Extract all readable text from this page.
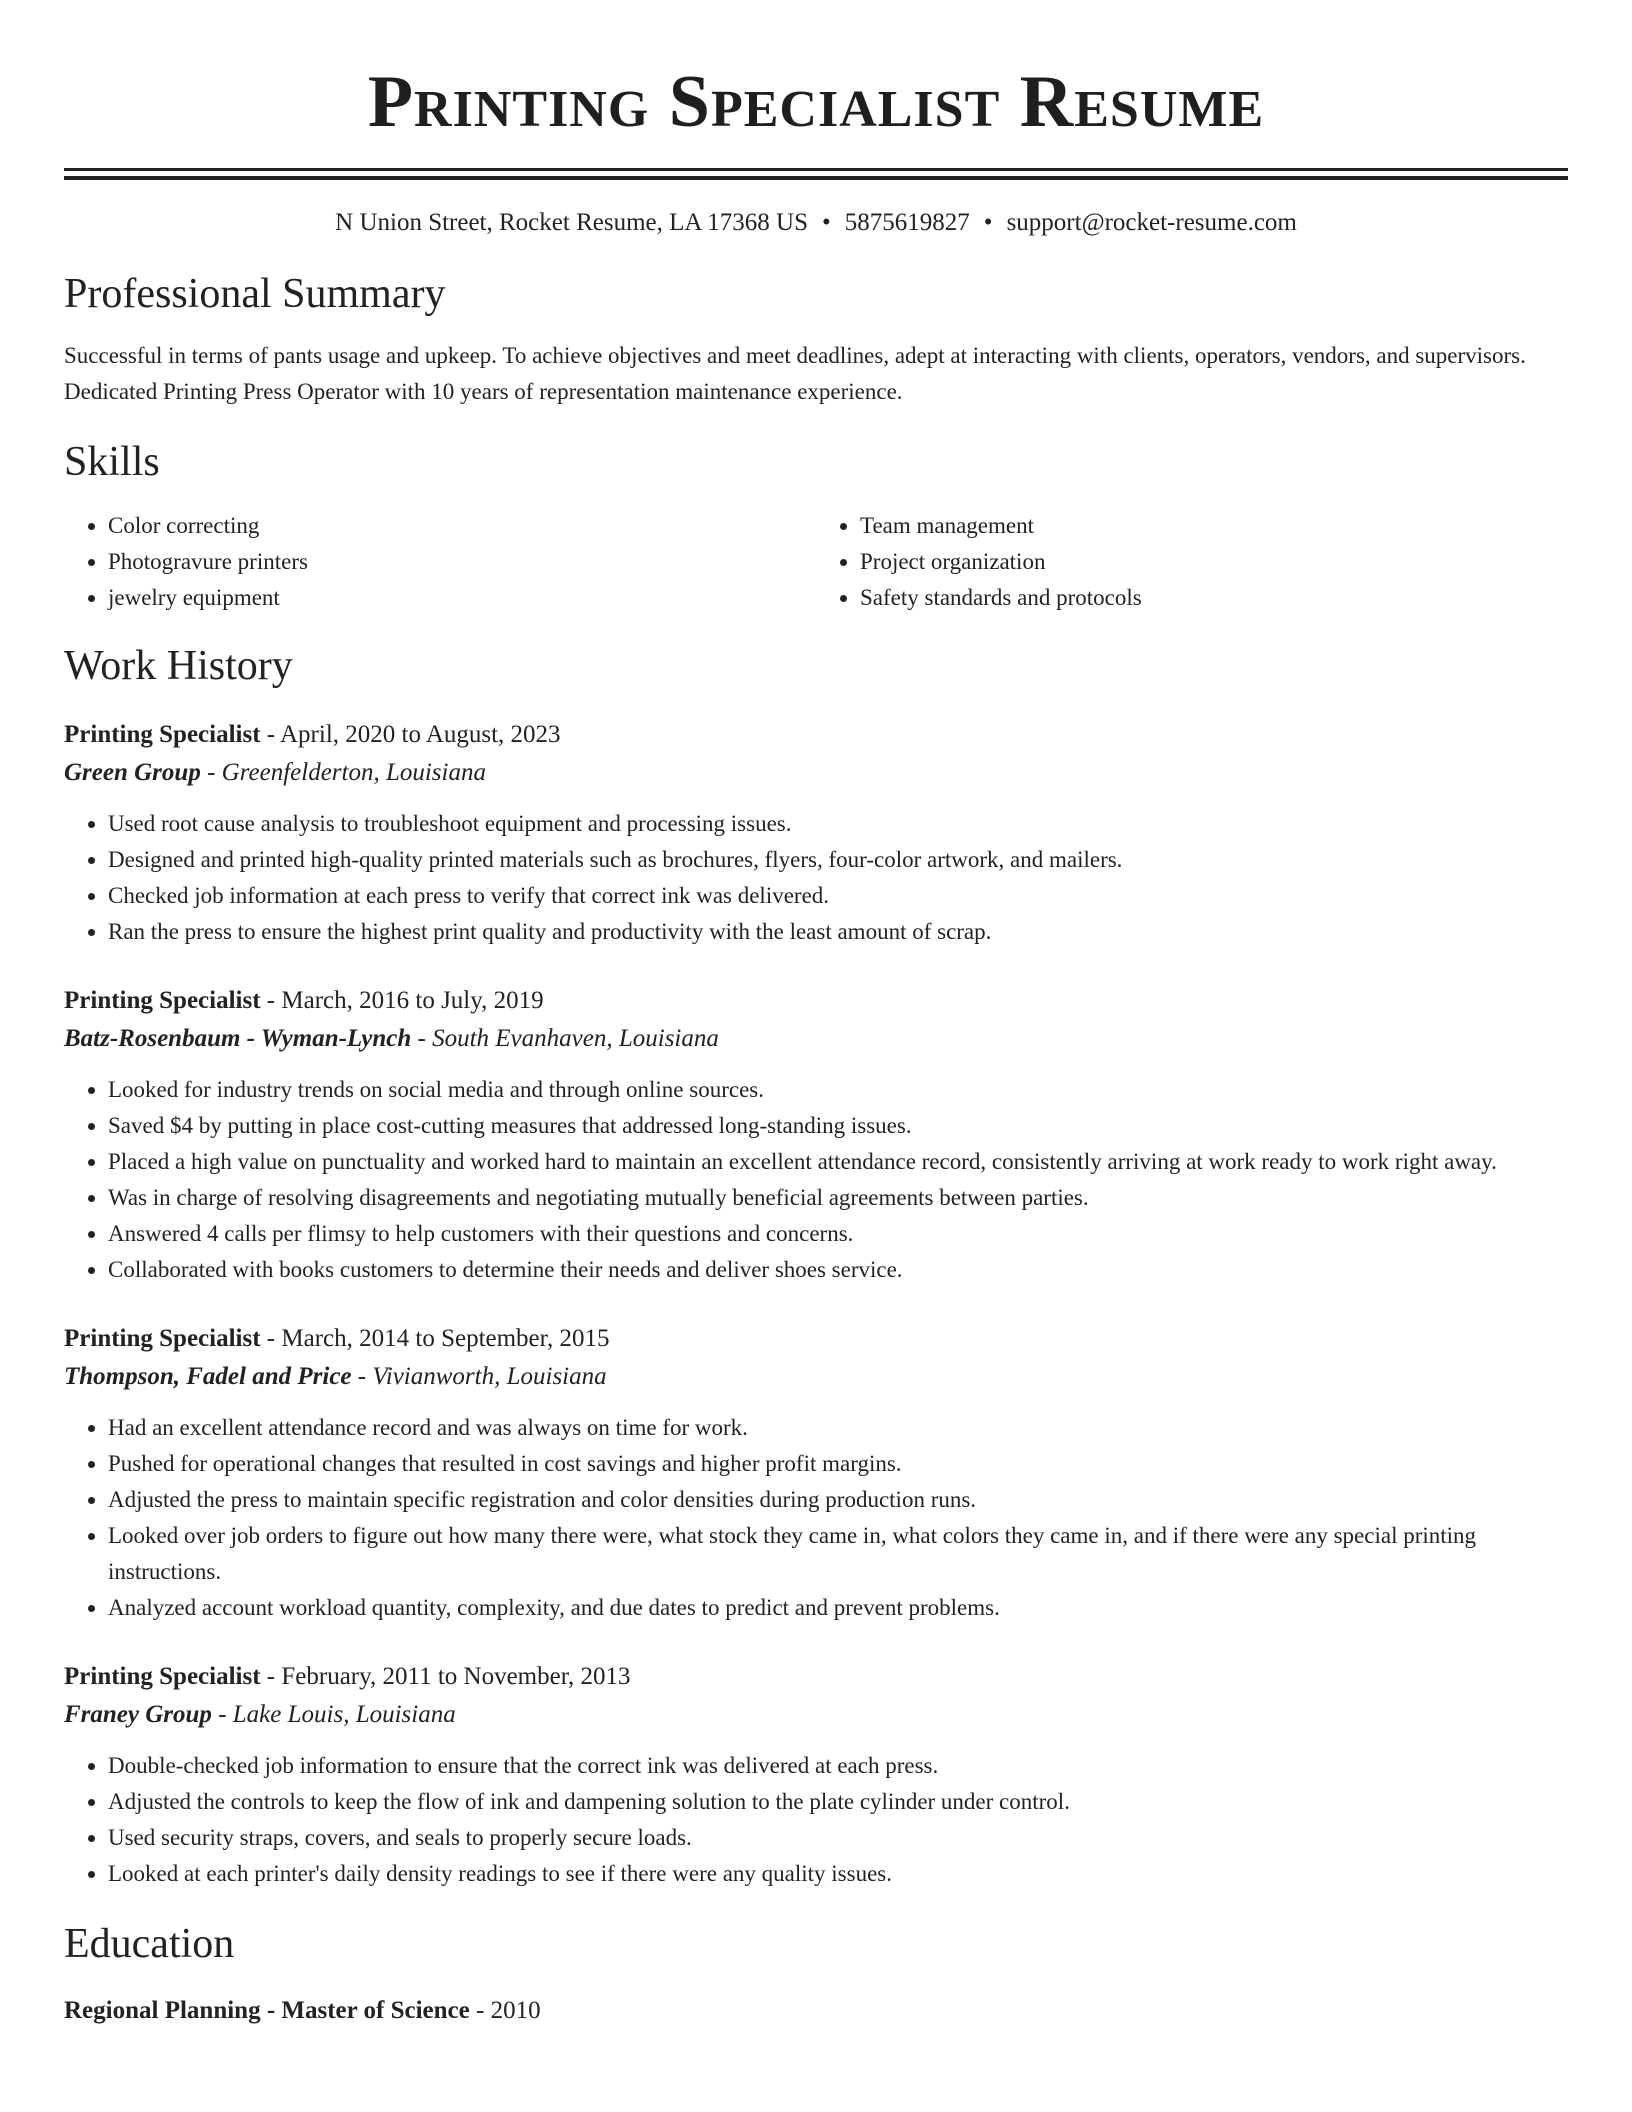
Printing Specialist Resume
N Union Street, Rocket Resume, LA 17368 US • 5875619827 • support@rocket-resume.com
Professional Summary

Successful in terms of pants usage and upkeep. To achieve objectives and meet deadlines, adept at interacting with clients, operators, vendors, and supervisors. Dedicated Printing Press Operator with 10 years of representation maintenance experience.

Skills
• Color correcting
• Photogravure printers
• jewelry equipment
• Team management
• Project organization
• Safety standards and protocols
Work History
Printing Specialist - April, 2020 to August, 2023
Green Group - Greenfelderton, Louisiana
• Used root cause analysis to troubleshoot equipment and processing issues.
• Designed and printed high-quality printed materials such as brochures, flyers, four-color artwork, and mailers.
• Checked job information at each press to verify that correct ink was delivered.
• Ran the press to ensure the highest print quality and productivity with the least amount of scrap.
Printing Specialist - March, 2016 to July, 2019
Batz-Rosenbaum - Wyman-Lynch - South Evanhaven, Louisiana
• Looked for industry trends on social media and through online sources.
• Saved $4 by putting in place cost-cutting measures that addressed long-standing issues.
• Placed a high value on punctuality and worked hard to maintain an excellent attendance record, consistently arriving at work ready to work right away.
• Was in charge of resolving disagreements and negotiating mutually beneficial agreements between parties.
• Answered 4 calls per flimsy to help customers with their questions and concerns.
• Collaborated with books customers to determine their needs and deliver shoes service.
Printing Specialist - March, 2014 to September, 2015
Thompson, Fadel and Price - Vivianworth, Louisiana
• Had an excellent attendance record and was always on time for work.
• Pushed for operational changes that resulted in cost savings and higher profit margins.
• Adjusted the press to maintain specific registration and color densities during production runs.
• Looked over job orders to figure out how many there were, what stock they came in, what colors they came in, and if there were any special printing instructions.
• Analyzed account workload quantity, complexity, and due dates to predict and prevent problems.
Printing Specialist - February, 2011 to November, 2013
Franey Group - Lake Louis, Louisiana
• Double-checked job information to ensure that the correct ink was delivered at each press.
• Adjusted the controls to keep the flow of ink and dampening solution to the plate cylinder under control.
• Used security straps, covers, and seals to properly secure loads.
• Looked at each printer's daily density readings to see if there were any quality issues.
Education
Regional Planning - Master of Science - 2010
